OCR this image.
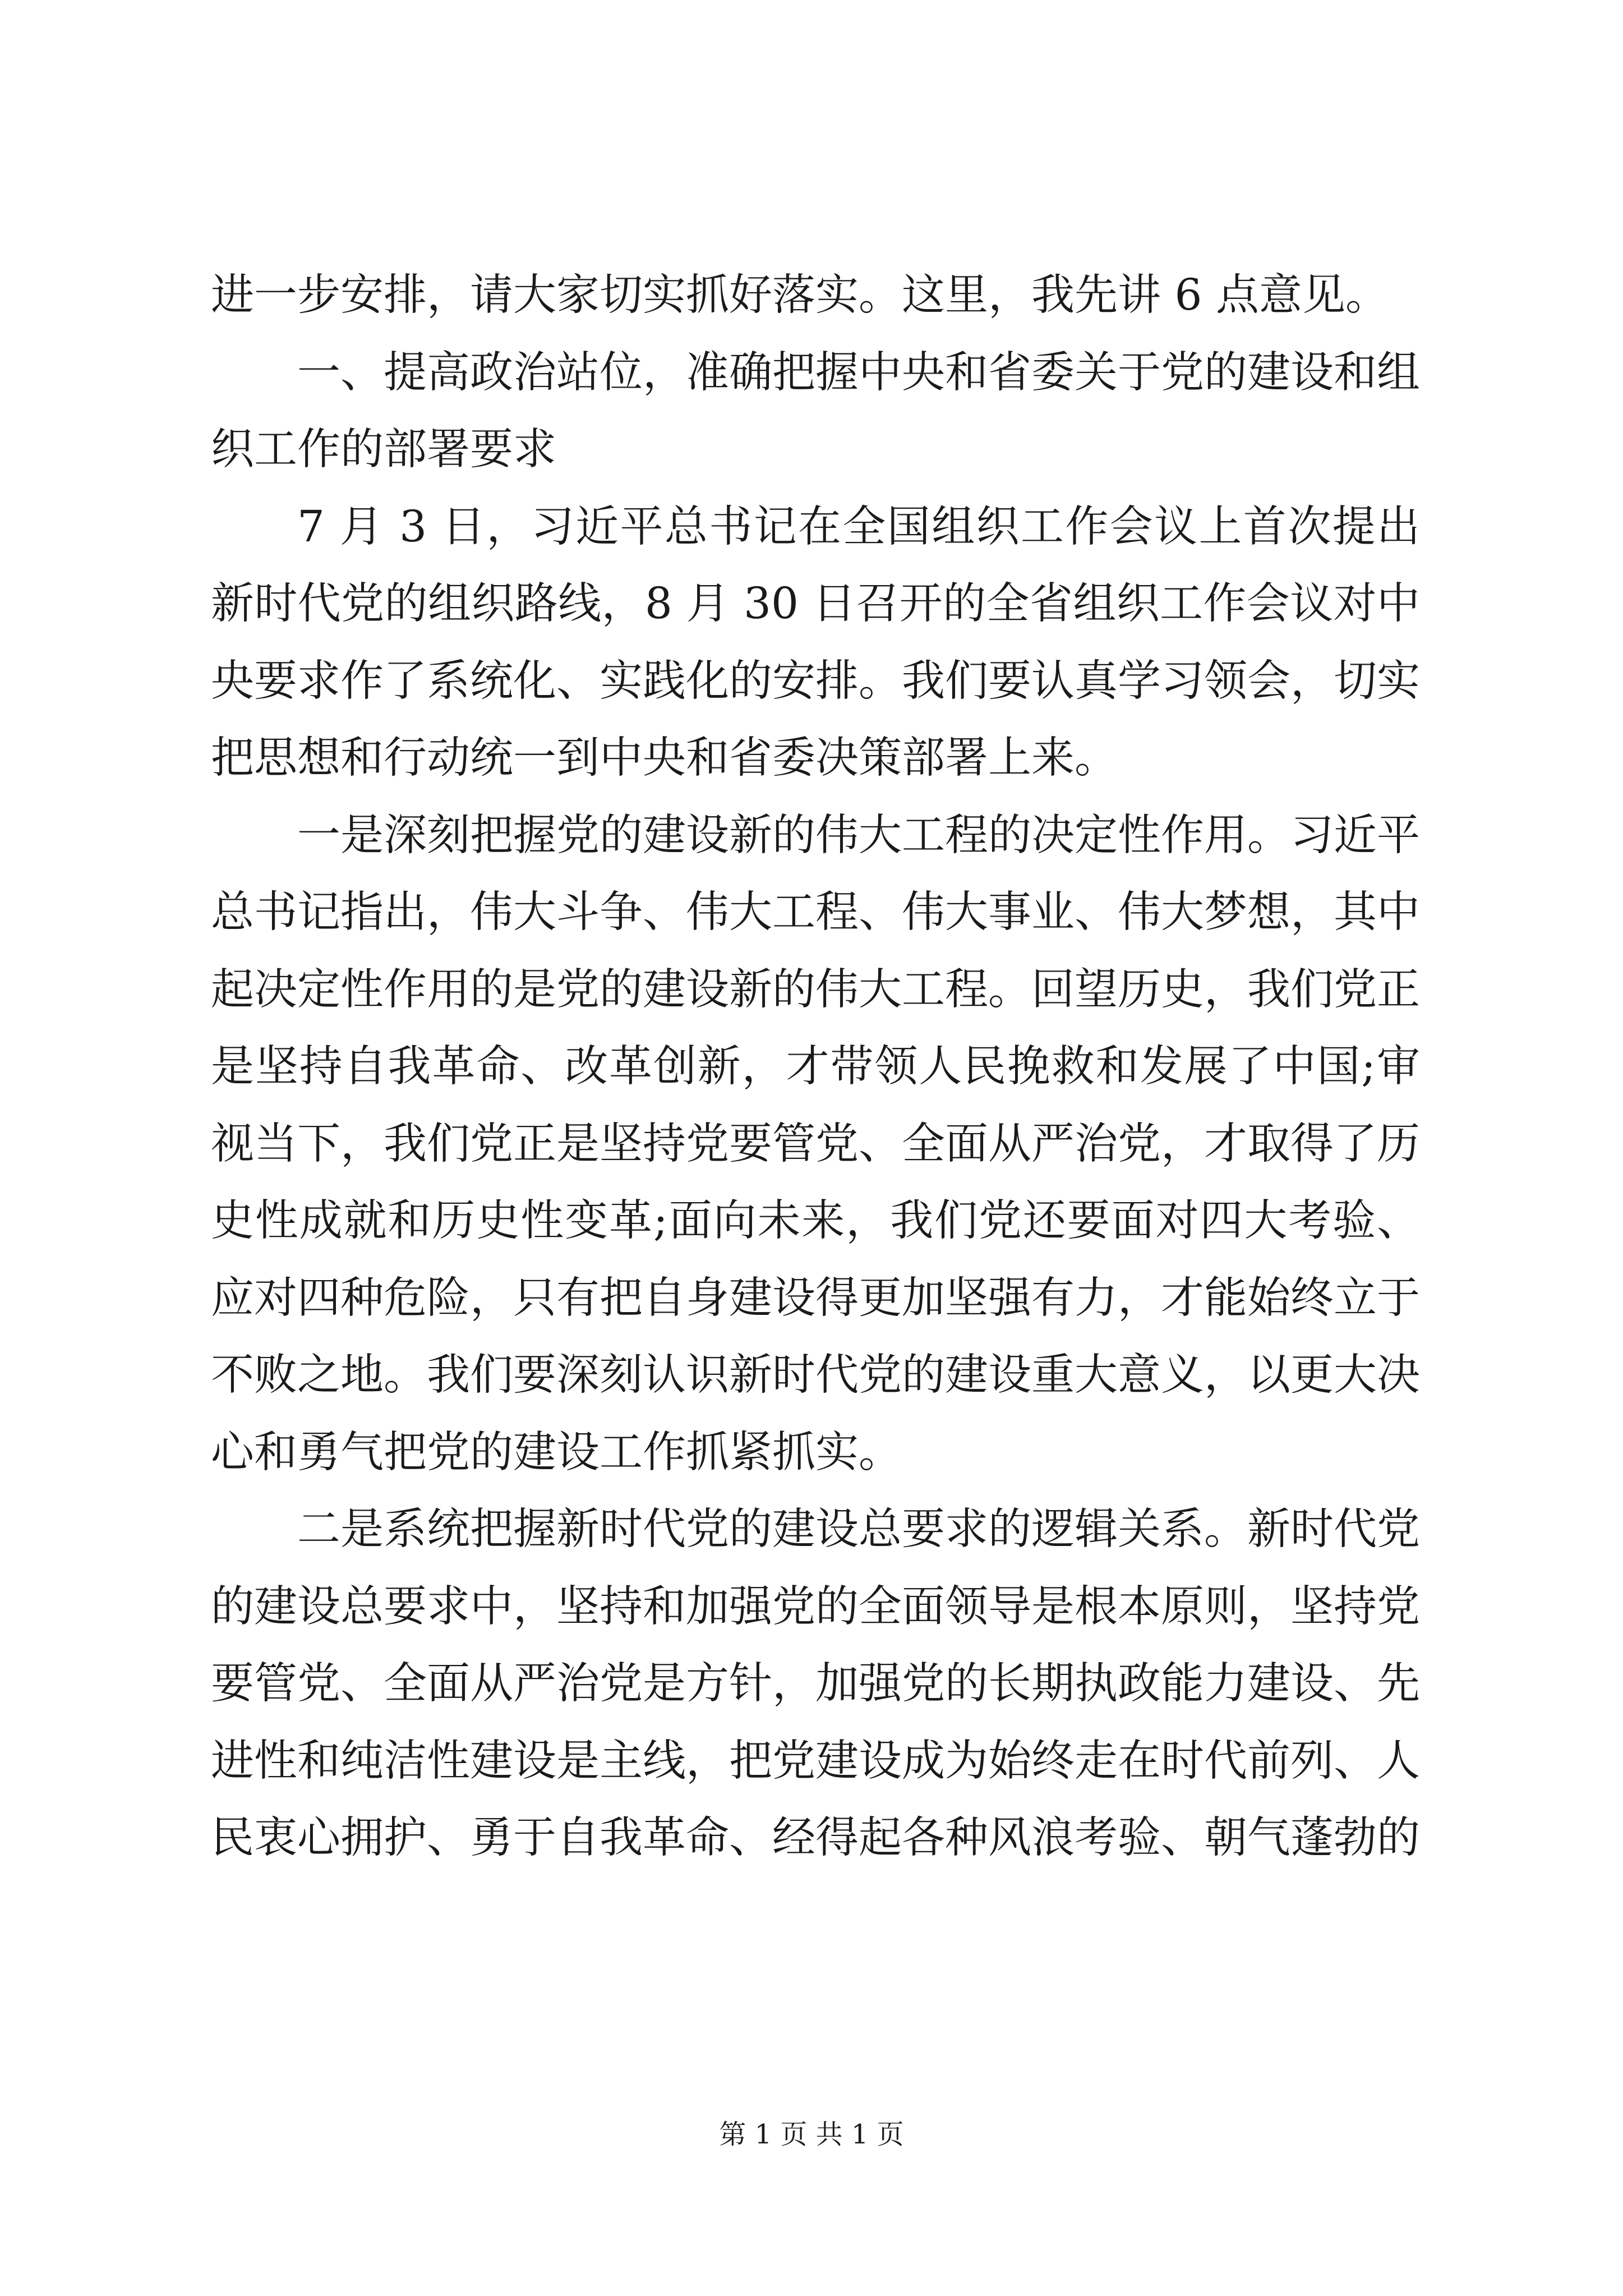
进一步安排，请大家切实抓好落实。这里，我先讲 6 点意见。

一、提高政治站位，准确把握中央和省委关于党的建设和组织工作的部署要求

7 月 3 日，习近平总书记在全国组织工作会议上首次提出新时代党的组织路线，8 月 30 日召开的全省组织工作会议对中央要求作了系统化、实践化的安排。我们要认真学习领会，切实把思想和行动统一到中央和省委决策部署上来。

一是深刻把握党的建设新的伟大工程的决定性作用。习近平总书记指出，伟大斗争、伟大工程、伟大事业、伟大梦想，其中起决定性作用的是党的建设新的伟大工程。回望历史，我们党正是坚持自我革命、改革创新，才带领人民挽救和发展了中国;审视当下，我们党正是坚持党要管党、全面从严治党，才取得了历史性成就和历史性变革;面向未来，我们党还要面对四大考验、应对四种危险，只有把自身建设得更加坚强有力，才能始终立于不败之地。我们要深刻认识新时代党的建设重大意义，以更大决心和勇气把党的建设工作抓紧抓实。

二是系统把握新时代党的建设总要求的逻辑关系。新时代党的建设总要求中，坚持和加强党的全面领导是根本原则，坚持党要管党、全面从严治党是方针，加强党的长期执政能力建设、先进性和纯洁性建设是主线，把党建设成为始终走在时代前列、人民衷心拥护、勇于自我革命、经得起各种风浪考验、朝气蓬勃的

第 1 页 共 1 页
